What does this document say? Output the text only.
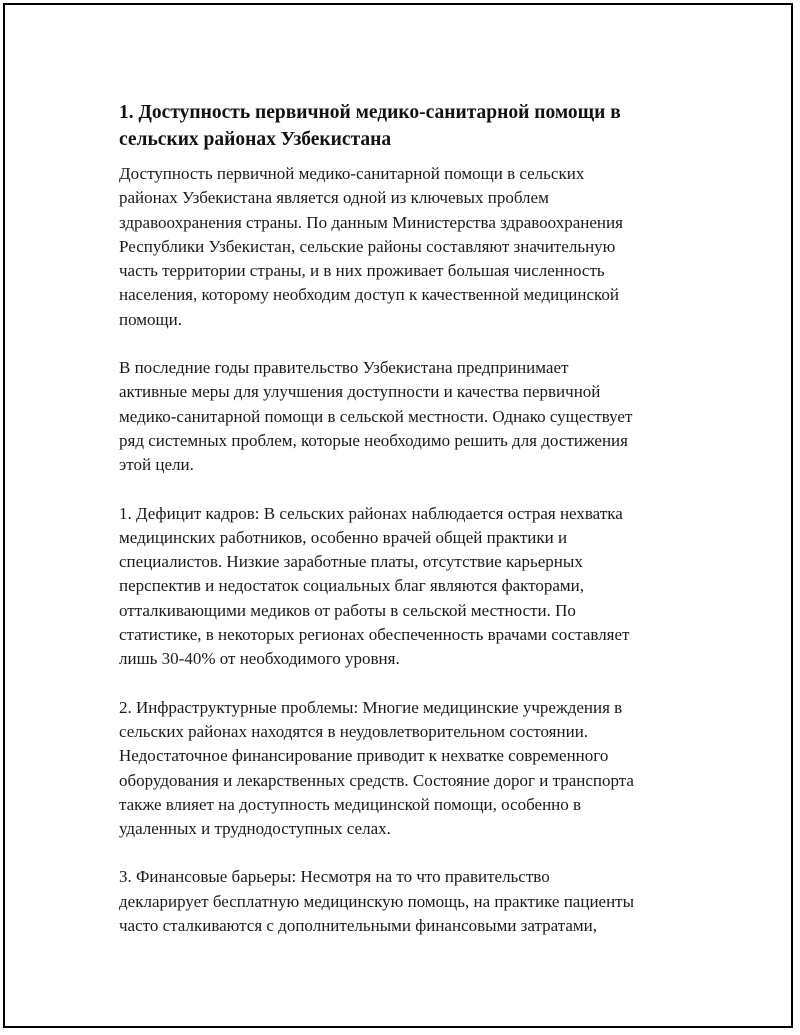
1. Доступность первичной медико-санитарной помощи в
сельских районах Узбекистана

Доступность первичной медико-санитарной помощи в сельских
районах Узбекистана является одной из ключевых проблем
здравоохранения страны. По данным Министерства здравоохранения
Республики Узбекистан, сельские районы составляют значительную
часть территории страны, и в них проживает большая численность
населения, которому необходим доступ к качественной медицинской
помощи.

В последние годы правительство Узбекистана предпринимает
активные меры для улучшения доступности и качества первичной
медико-санитарной помощи в сельской местности. Однако существует
ряд системных проблем, которые необходимо решить для достижения
этой цели.

1. Дефицит кадров: В сельских районах наблюдается острая нехватка
медицинских работников, особенно врачей общей практики и
специалистов. Низкие заработные платы, отсутствие карьерных
перспектив и недостаток социальных благ являются факторами,
отталкивающими медиков от работы в сельской местности. По
статистике, в некоторых регионах обеспеченность врачами составляет
лишь 30-40% от необходимого уровня.

2. Инфраструктурные проблемы: Многие медицинские учреждения в
сельских районах находятся в неудовлетворительном состоянии.
Недостаточное финансирование приводит к нехватке современного
оборудования и лекарственных средств. Состояние дорог и транспорта
также влияет на доступность медицинской помощи, особенно в
удаленных и труднодоступных селах.

3. Финансовые барьеры: Несмотря на то что правительство
декларирует бесплатную медицинскую помощь, на практике пациенты
часто сталкиваются с дополнительными финансовыми затратами,
